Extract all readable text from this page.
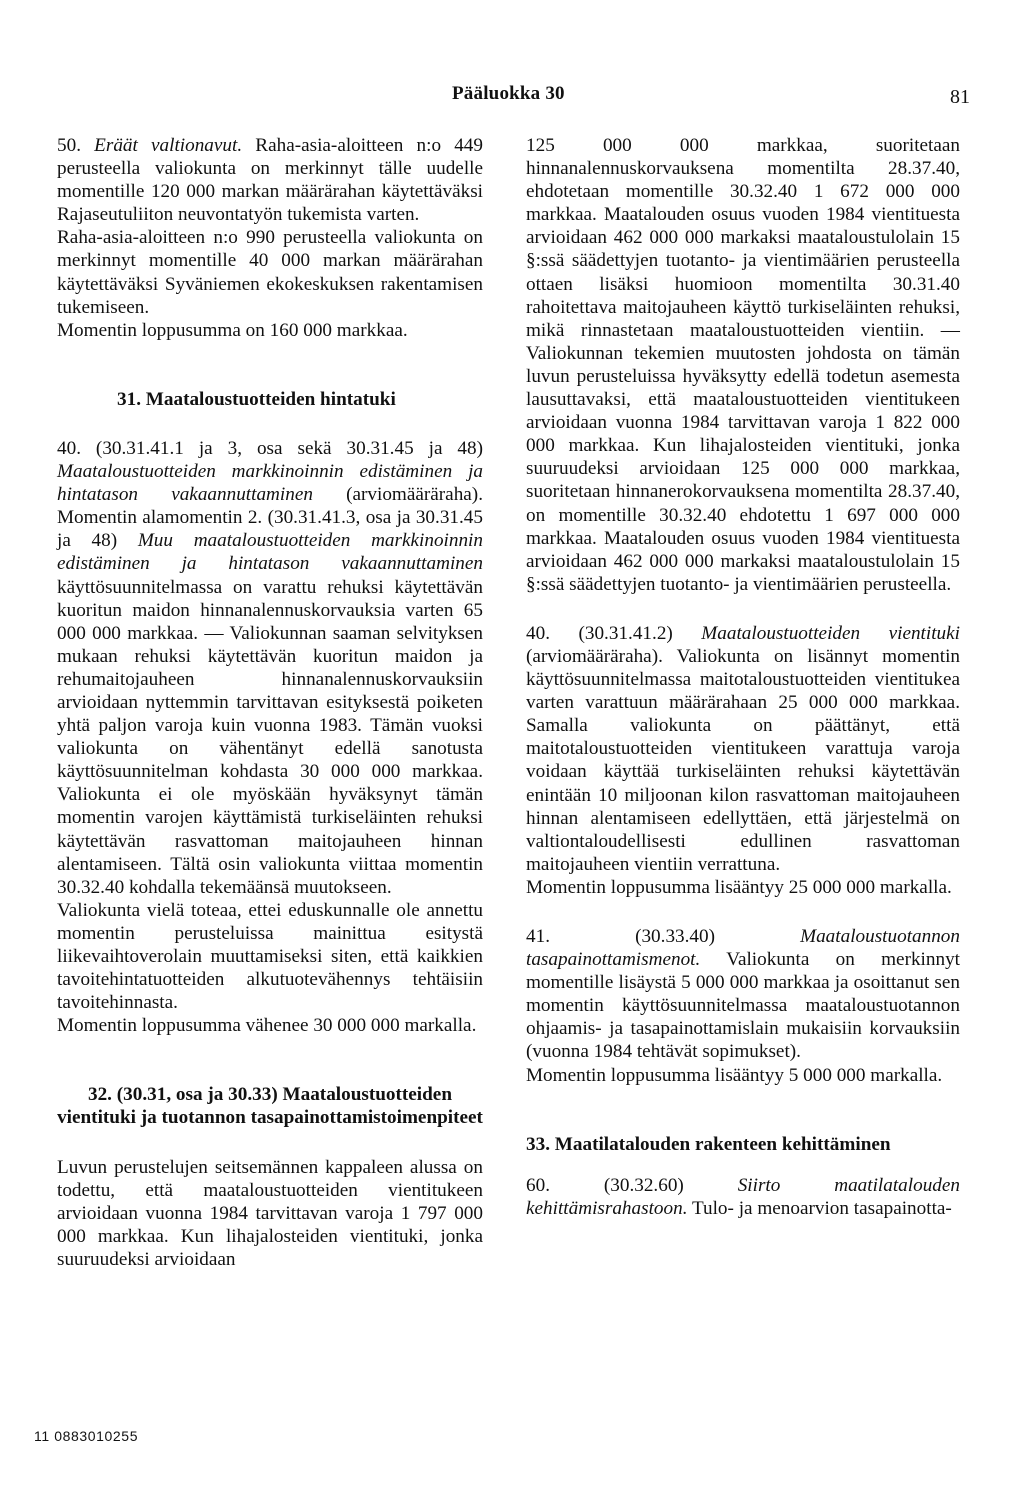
Pääluokka 30	81

50. Eräät valtionavut. Raha-asia-aloitteen n:o 449 perusteella valiokunta on merkinnyt tälle uudelle momentille 120 000 markan määrärahan käytettäväksi Rajaseutuliiton neuvontatyön tukemista varten.

Raha-asia-aloitteen n:o 990 perusteella valiokunta on merkinnyt momentille 40 000 markan määrärahan käytettäväksi Syväniemen ekokeskuksen rakentamisen tukemiseen.

Momentin loppusumma on 160 000 markkaa.

31. Maataloustuotteiden hintatuki

40. (30.31.41.1 ja 3, osa sekä 30.31.45 ja 48) Maataloustuotteiden markkinoinnin edistäminen ja hintatason vakaannuttaminen (arviomääräraha). Momentin alamomentin 2. (30.31.41.3, osa ja 30.31.45 ja 48) Muu maataloustuotteiden markkinoinnin edistäminen ja hintatason vakaannuttaminen käyttösuunnitelmassa on varattu rehuksi käytettävän kuoritun maidon hinnanalennuskorvauksia varten 65 000 000 markkaa. — Valiokunnan saaman selvityksen mukaan rehuksi käytettävän kuoritun maidon ja rehumaitojauheen hinnanalennuskorvauksiin arvioidaan nyttemmin tarvittavan esityksestä poiketen yhtä paljon varoja kuin vuonna 1983. Tämän vuoksi valiokunta on vähentänyt edellä sanotusta käyttösuunnitelman kohdasta 30 000 000 markkaa. Valiokunta ei ole myöskään hyväksynyt tämän momentin varojen käyttämistä turkiseläinten rehuksi käytettävän rasvattoman maitojauheen hinnan alentamiseen. Tältä osin valiokunta viittaa momentin 30.32.40 kohdalla tekemäänsä muutokseen.

Valiokunta vielä toteaa, ettei eduskunnalle ole annettu momentin perusteluissa mainittua esitystä liikevaihtoverolain muuttamiseksi siten, että kaikkien tavoitehintatuotteiden alkutuotevähennys tehtäisiin tavoitehinnasta.

Momentin loppusumma vähenee 30 000 000 markalla.

32. (30.31, osa ja 30.33) Maataloustuotteiden vientituki ja tuotannon tasapainottamistoimenpiteet

Luvun perustelujen seitsemännen kappaleen alussa on todettu, että maataloustuotteiden vientitukeen arvioidaan vuonna 1984 tarvittavan varoja 1 797 000 000 markkaa. Kun lihajalosteiden vientituki, jonka suuruudeksi arvioidaan

125 000 000 markkaa, suoritetaan hinnanalennuskorvauksena momentilta 28.37.40, ehdotetaan momentille 30.32.40 1 672 000 000 markkaa. Maatalouden osuus vuoden 1984 vientituesta arvioidaan 462 000 000 markaksi maataloustulolain 15 §:ssä säädettyjen tuotanto- ja vientimäärien perusteella ottaen lisäksi huomioon momentilta 30.31.40 rahoitettava maitojauheen käyttö turkiseläinten rehuksi, mikä rinnastetaan maataloustuotteiden vientiin. — Valiokunnan tekemien muutosten johdosta on tämän luvun perusteluissa hyväksytty edellä todetun asemesta lausuttavaksi, että maataloustuotteiden vientitukeen arvioidaan vuonna 1984 tarvittavan varoja 1 822 000 000 markkaa. Kun lihajalosteiden vientituki, jonka suuruudeksi arvioidaan 125 000 000 markkaa, suoritetaan hinnanerokorvauksena momentilta 28.37.40, on momentille 30.32.40 ehdotettu 1 697 000 000 markkaa. Maatalouden osuus vuoden 1984 vientituesta arvioidaan 462 000 000 markaksi maataloustulolain 15 §:ssä säädettyjen tuotanto- ja vientimäärien perusteella.

40. (30.31.41.2) Maataloustuotteiden vientituki (arviomääräraha). Valiokunta on lisännyt momentin käyttösuunnitelmassa maitotaloustuotteiden vientitukea varten varattuun määrärahaan 25 000 000 markkaa. Samalla valiokunta on päättänyt, että maitotaloustuotteiden vientitukeen varattuja varoja voidaan käyttää turkiseläinten rehuksi käytettävän enintään 10 miljoonan kilon rasvattoman maitojauheen hinnan alentamiseen edellyttäen, että järjestelmä on valtiontaloudellisesti edullinen rasvattoman maitojauheen vientiin verrattuna.

Momentin loppusumma lisääntyy 25 000 000 markalla.

41. (30.33.40) Maataloustuotannon tasapainottamismenot. Valiokunta on merkinnyt momentille lisäystä 5 000 000 markkaa ja osoittanut sen momentin käyttösuunnitelmassa maataloustuotannon ohjaamis- ja tasapainottamislain mukaisiin korvauksiin (vuonna 1984 tehtävät sopimukset).

Momentin loppusumma lisääntyy 5 000 000 markalla.

33. Maatilatalouden rakenteen kehittäminen

60. (30.32.60) Siirto maatilatalouden kehittämisrahastoon. Tulo- ja menoarvion tasapainotta-

11 0883010255
